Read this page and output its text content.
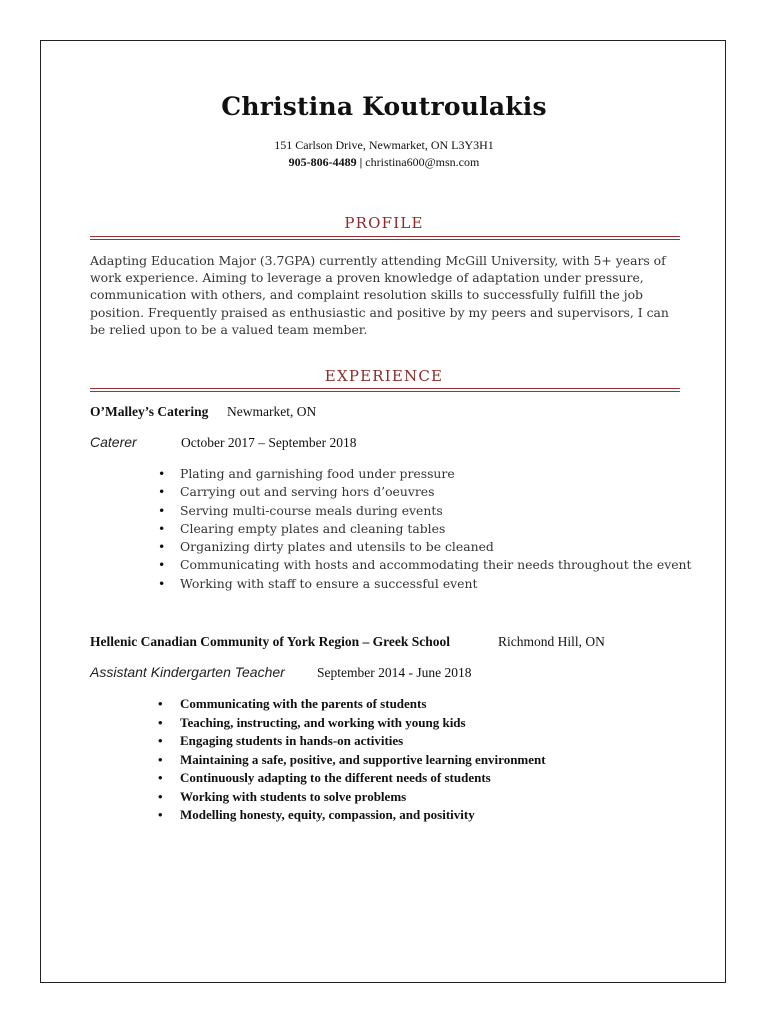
Christina Koutroulakis
151 Carlson Drive, Newmarket, ON L3Y3H1
905-806-4489 | christina600@msn.com
PROFILE
Adapting Education Major (3.7GPA) currently attending McGill University, with 5+ years of work experience. Aiming to leverage a proven knowledge of adaptation under pressure, communication with others, and complaint resolution skills to successfully fulfill the job position. Frequently praised as enthusiastic and positive by my peers and supervisors, I can be relied upon to be a valued team member.
EXPERIENCE
O’Malley’s Catering Newmarket, ON
Caterer	October 2017 – September 2018
• Plating and garnishing food under pressure
• Carrying out and serving hors d’oeuvres
• Serving multi-course meals during events
• Clearing empty plates and cleaning tables
• Organizing dirty plates and utensils to be cleaned
• Communicating with hosts and accommodating their needs throughout the event
• Working with staff to ensure a successful event
Hellenic Canadian Community of York Region – Greek School	Richmond Hill, ON
Assistant Kindergarten Teacher September 2014 - June 2018
• Communicating with the parents of students
• Teaching, instructing, and working with young kids
• Engaging students in hands-on activities
• Maintaining a safe, positive, and supportive learning environment
• Continuously adapting to the different needs of students
• Working with students to solve problems
• Modelling honesty, equity, compassion, and positivity
